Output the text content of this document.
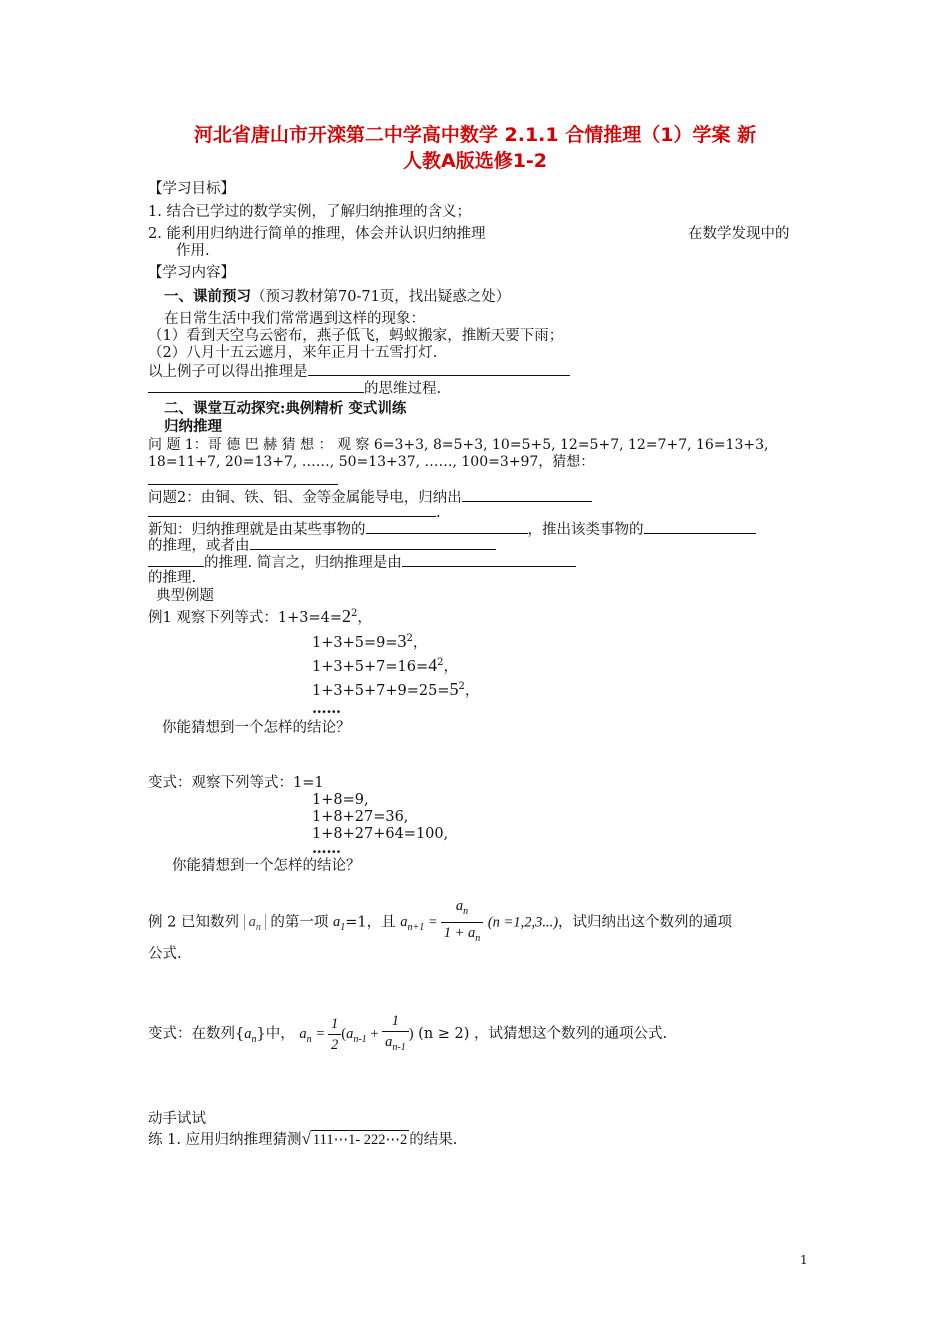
河北省唐山市开滦第二中学高中数学 2.1.1 合情推理（1）学案 新
人教A版选修1-2
【学习目标】
1. 结合已学过的数学实例，了解归纳推理的含义；
2. 能利用归纳进行简单的推理，体会并认识归纳推理	在数学发现中的
作用.
【学习内容】
一、课前预习（预习教材第70-71页，找出疑惑之处）
在日常生活中我们常常遇到这样的现象：
（1）看到天空乌云密布，燕子低飞，蚂蚁搬家，推断天要下雨；
（2）八月十五云遮月，来年正月十五雪打灯.
以上例子可以得出推理是
的思维过程.
二、课堂互动探究:典例精析 变式训练
归纳推理
问 题 1：哥 德 巴 赫 猜 想 ： 观 察 6=3+3, 8=5+3, 10=5+5, 12=5+7, 12=7+7, 16=13+3,
18=11+7, 20=13+7, ……, 50=13+37, ……, 100=3+97，猜想：
问题2：由铜、铁、铝、金等金属能导电，归纳出
.
新知：归纳推理就是由某些事物的	，推出该类事物的
的推理，或者由
的推理. 简言之，归纳推理是由
的推理.
典型例题
例1 观察下列等式：$1+3=4=2^2$，
$1+3+5=9=3^2$，
$1+3+5+7=16=4^2$，
$1+3+5+7+9=25=5^2$，
……
你能猜想到一个怎样的结论？
变式：观察下列等式：1=1
1+8=9,
1+8+27=36,
1+8+27+64=100,
……
你能猜想到一个怎样的结论？
例 2 已知数列 $a_n$ 的第一项 $a_1=1$，且 $a_{n+1} = \frac{a_n}{1 + a_n} (n =1,2,3...)$，试归纳出这个数列的通项
公式.
变式：在数列$\{a_n\}$中， $a_n = \frac{1}{2} (a_{n-1} + \frac{1}{a_{n-1}}$ ) (n ≥ 2) ，试猜想这个数列的通项公式.
动手试试
练 1. 应用归纳推理猜测√ 111⋯1- 222⋯2 的结果.
1
